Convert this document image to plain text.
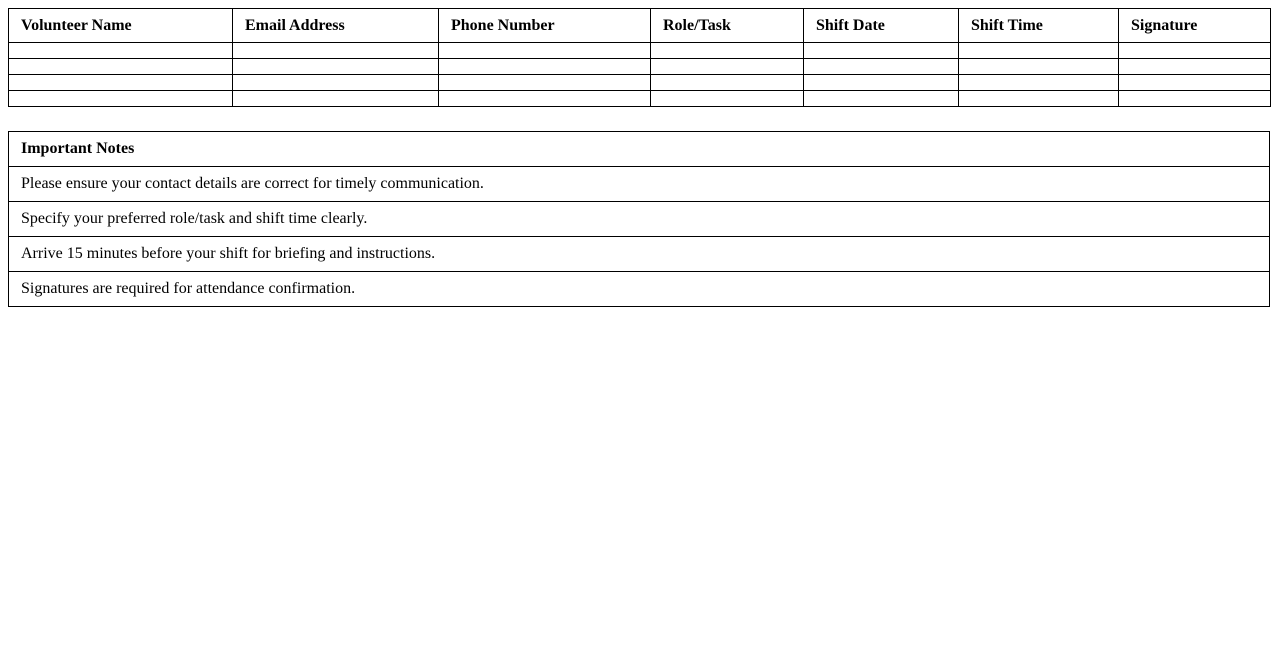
Volunteer Name	Email Address	Phone Number	Role/Task	Shift Date	Shift Time	Signature

Important Notes
Please ensure your contact details are correct for timely communication.
Specify your preferred role/task and shift time clearly.
Arrive 15 minutes before your shift for briefing and instructions.
Signatures are required for attendance confirmation.
